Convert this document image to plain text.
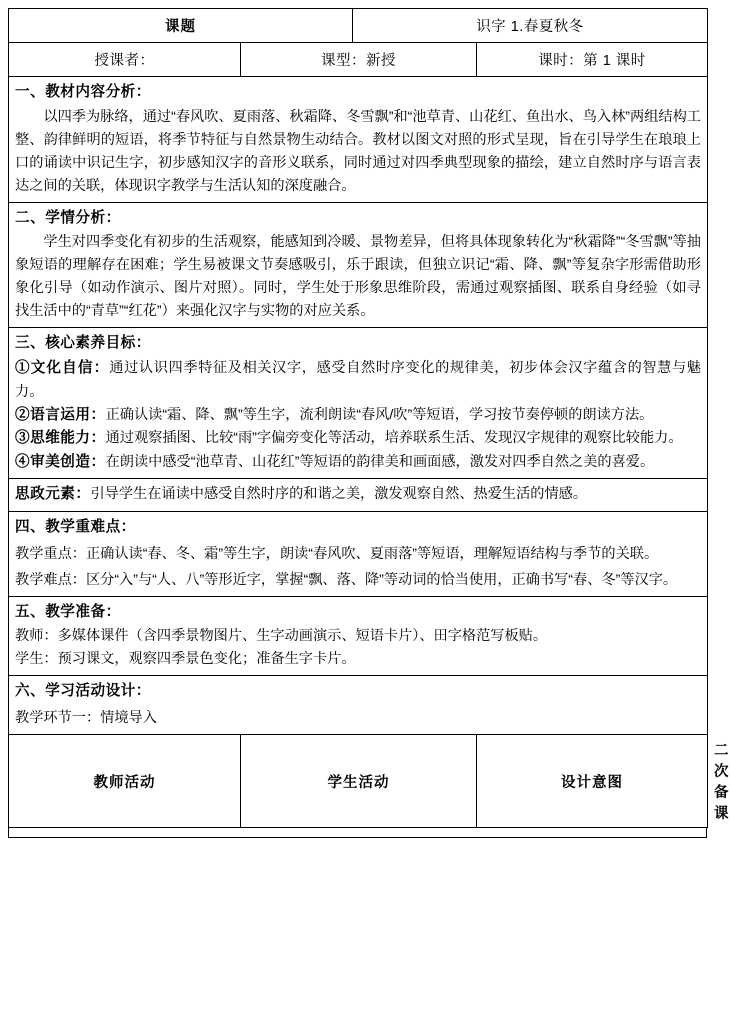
课题		识字 1.春夏秋冬		
授课者：	课型：新授		课时：第 1 课时	

一、教材内容分析：

以四季为脉络，通过“春风吹、夏雨落、秋霜降、冬雪飘”和“池草青、山花红、鱼出水、鸟入林”两组结构工整、韵律鲜明的短语，将季节特征与自然景物生动结合。教材以图文对照的形式呈现，旨在引导学生在琅琅上口的诵读中识记生字，初步感知汉字的音形义联系，同时通过对四季典型现象的描绘，建立自然时序与语言表达之间的关联，体现识字教学与生活认知的深度融合。				

二、学情分析：

学生对四季变化有初步的生活观察，能感知到冷暖、景物差异，但将具体现象转化为“秋霜降”“冬雪飘”等抽象短语的理解存在困难；学生易被课文节奏感吸引，乐于跟读，但独立识记“霜、降、飘”等复杂字形需借助形象化引导（如动作演示、图片对照）。同时，学生处于形象思维阶段，需通过观察插图、联系自身经验（如寻找生活中的“青草”“红花”）来强化汉字与实物的对应关系。				

三、核心素养目标：

①文化自信：通过认识四季特征及相关汉字，感受自然时序变化的规律美，初步体会汉字蕴含的智慧与魅力。

②语言运用：正确认读“霜、降、飘”等生字，流利朗读“春风/吹”等短语，学习按节奏停顿的朗读方法。

③思维能力：通过观察插图、比较“雨”字偏旁变化等活动，培养联系生活、发现汉字规律的观察比较能力。

④审美创造：在朗读中感受“池草青、山花红”等短语的韵律美和画面感，激发对四季自然之美的喜爱。				

思政元素：引导学生在诵读中感受自然时序的和谐之美，激发观察自然、热爱生活的情感。				

四、教学重难点：

教学重点：正确认读“春、冬、霜”等生字，朗读“春风吹、夏雨落”等短语，理解短语结构与季节的关联。

教学难点：区分“入”与“人、八”等形近字，掌握“飘、落、降”等动词的恰当使用，正确书写“春、冬”等汉字。				

五、教学准备：

教师：多媒体课件（含四季景物图片、生字动画演示、短语卡片）、田字格范写板贴。

学生：预习课文，观察四季景色变化；准备生字卡片。				

六、学习活动设计：

教学环节一：情境导入				

教师活动	学生活动		设计意图	二次备课
